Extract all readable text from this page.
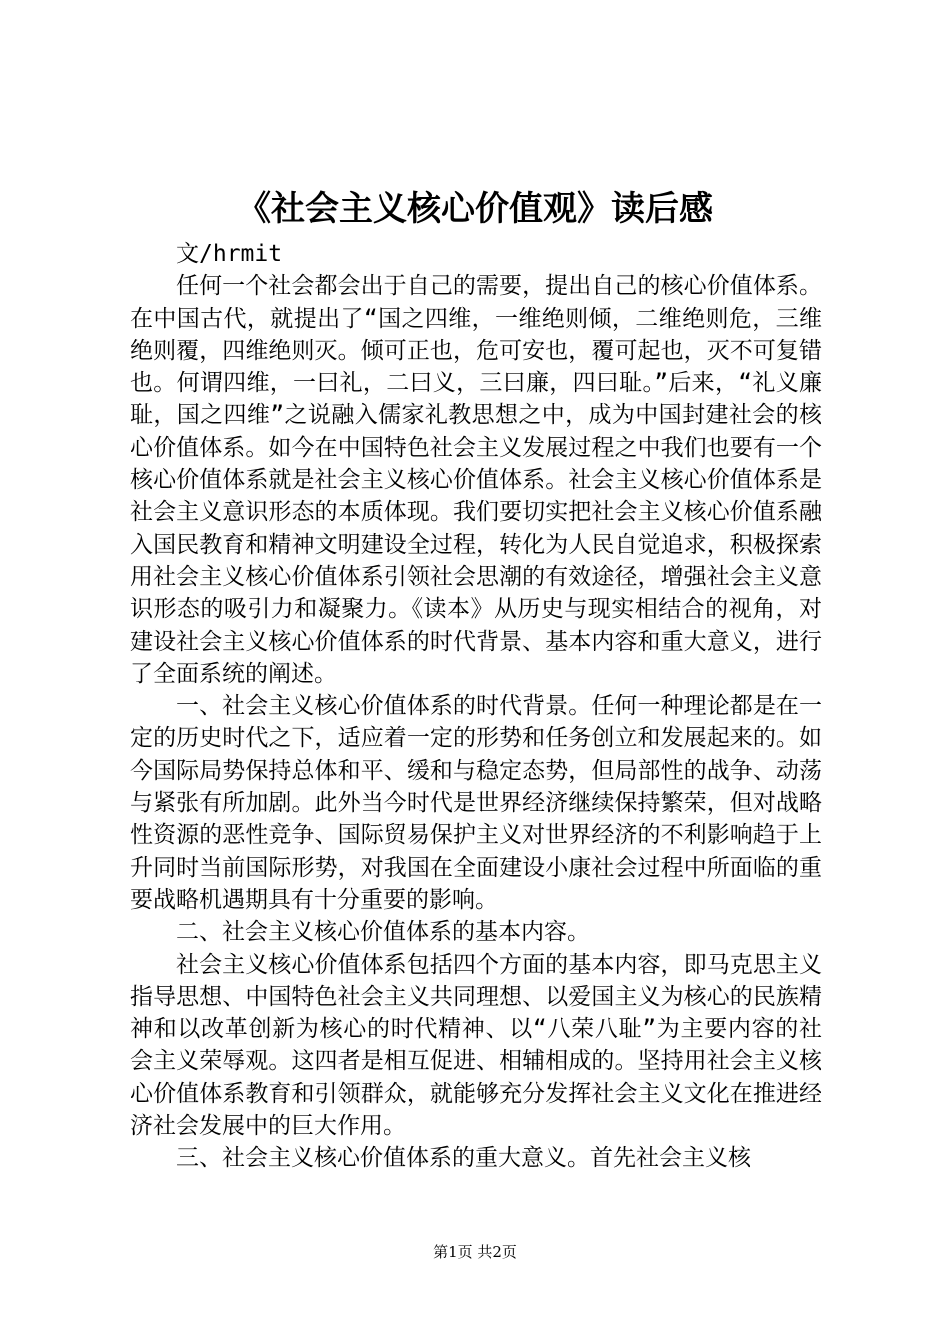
《社会主义核心价值观》读后感

文/hrmit

任何一个社会都会出于自己的需要，提出自己的核心价值体系。在中国古代，就提出了“国之四维，一维绝则倾，二维绝则危，三维绝则覆，四维绝则灭。倾可正也，危可安也，覆可起也，灭不可复错也。何谓四维，一曰礼，二曰义，三曰廉，四曰耻。”后来，“礼义廉耻，国之四维”之说融入儒家礼教思想之中，成为中国封建社会的核心价值体系。如今在中国特色社会主义发展过程之中我们也要有一个核心价值体系就是社会主义核心价值体系。社会主义核心价值体系是社会主义意识形态的本质体现。我们要切实把社会主义核心价值系融入国民教育和精神文明建设全过程，转化为人民自觉追求，积极探索用社会主义核心价值体系引领社会思潮的有效途径，增强社会主义意识形态的吸引力和凝聚力。《读本》从历史与现实相结合的视角，对建设社会主义核心价值体系的时代背景、基本内容和重大意义，进行了全面系统的阐述。

一、社会主义核心价值体系的时代背景。任何一种理论都是在一定的历史时代之下，适应着一定的形势和任务创立和发展起来的。如今国际局势保持总体和平、缓和与稳定态势，但局部性的战争、动荡与紧张有所加剧。此外当今时代是世界经济继续保持繁荣，但对战略性资源的恶性竞争、国际贸易保护主义对世界经济的不利影响趋于上升同时当前国际形势，对我国在全面建设小康社会过程中所面临的重要战略机遇期具有十分重要的影响。

二、社会主义核心价值体系的基本内容。

社会主义核心价值体系包括四个方面的基本内容，即马克思主义指导思想、中国特色社会主义共同理想、以爱国主义为核心的民族精神和以改革创新为核心的时代精神、以“八荣八耻”为主要内容的社会主义荣辱观。这四者是相互促进、相辅相成的。坚持用社会主义核心价值体系教育和引领群众，就能够充分发挥社会主义文化在推进经济社会发展中的巨大作用。

三、社会主义核心价值体系的重大意义。首先社会主义核

第1页 共2页
